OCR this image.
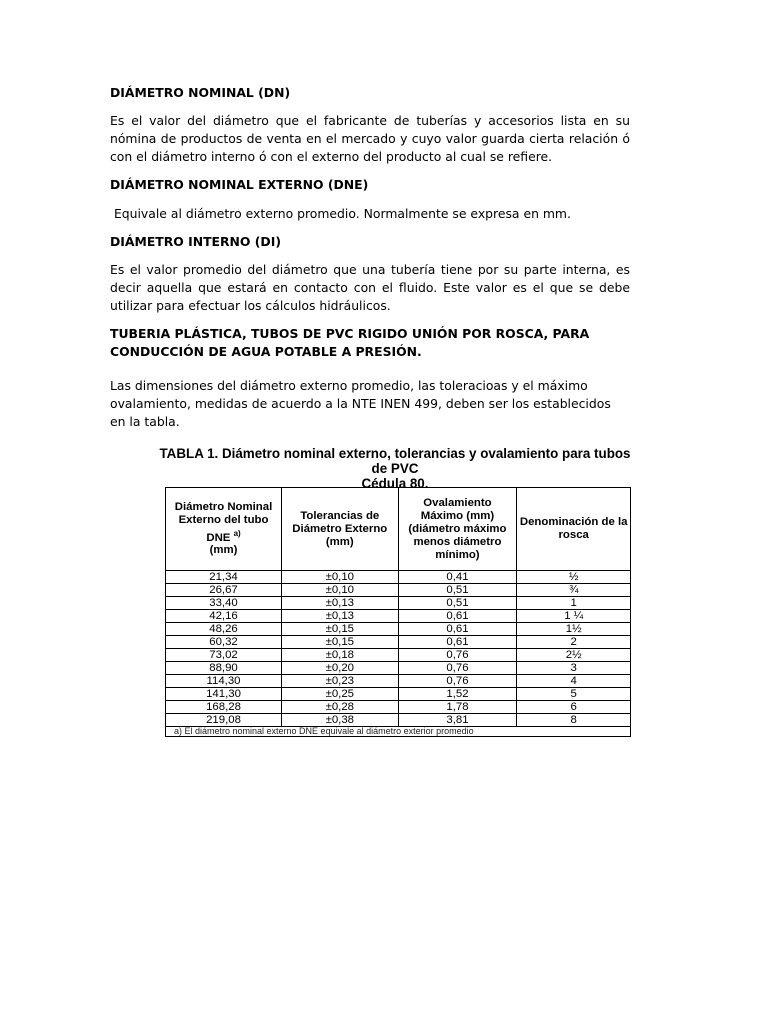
DIÁMETRO NOMINAL (DN)

Es el valor del diámetro que el fabricante de tuberías y accesorios lista en su nómina de productos de venta en el mercado y cuyo valor guarda cierta relación ó con el diámetro interno ó con el externo del producto al cual se refiere.

DIÁMETRO NOMINAL EXTERNO (DNE)

Equivale al diámetro externo promedio. Normalmente se expresa en mm.

DIÁMETRO INTERNO (DI)

Es el valor promedio del diámetro que una tubería tiene por su parte interna, es decir aquella que estará en contacto con el fluido. Este valor es el que se debe utilizar para efectuar los cálculos hidráulicos.

TUBERIA PLÁSTICA, TUBOS DE PVC RIGIDO UNIÓN POR ROSCA, PARA CONDUCCIÓN DE AGUA POTABLE A PRESIÓN.

Las dimensiones del diámetro externo promedio, las toleracioas y el máximo ovalamiento, medidas de acuerdo a la NTE INEN 499, deben ser los establecidos en la tabla.

TABLA 1. Diámetro nominal externo, tolerancias y ovalamiento para tubos de PVC

Cédula 80.

Diámetro Nominal Externo del tubo DNE $^{a)}$
(mm)	Tolerancias de Diámetro Externo (mm)	Ovalamiento Máximo (mm) (diámetro máximo menos diámetro mínimo)	Denominación de la rosca
21,34	±0,10	0,41	½
26,67	±0,10	0,51	¾
33,40	±0,13	0,51	1
42,16	±0,13	0,61	1 ¼
48,26	±0,15	0,61	1½
60,32	±0,15	0,61	2
73,02	±0,18	0,76	2½
88,90	±0,20	0,76	3
114,30	±0,23	0,76	4
141,30	±0,25	1,52	5
168,28	±0,28	1,78	6
219,08	±0,38	3,81	8
a) El diámetro nominal externo DNE equivale al diámetro exterior promedio			
